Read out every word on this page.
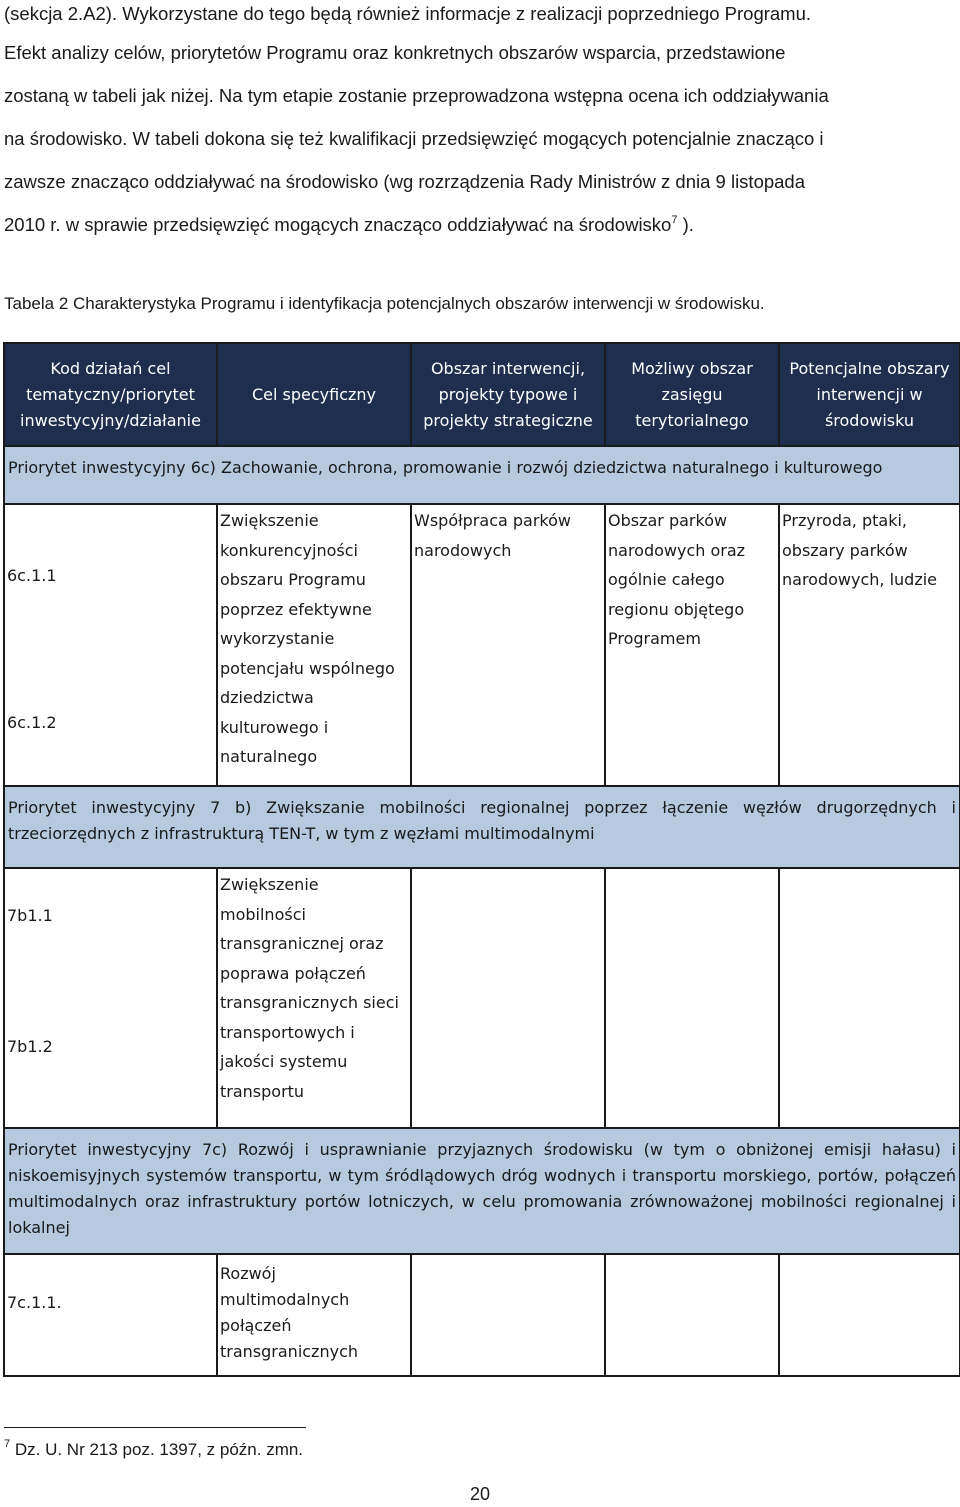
(sekcja 2.A2). Wykorzystane do tego będą również informacje z realizacji poprzedniego Programu.
Efekt analizy celów, priorytetów Programu oraz konkretnych obszarów wsparcia, przedstawione
zostaną w tabeli jak niżej. Na tym etapie zostanie przeprowadzona wstępna ocena ich oddziaływania
na środowisko. W tabeli dokona się też kwalifikacji przedsięwzięć mogących potencjalnie znacząco i
zawsze znacząco oddziaływać na środowisko (wg rozrządzenia Rady Ministrów z dnia 9 listopada
2010 r. w sprawie przedsięwzięć mogących znacząco oddziaływać na środowisko$^7$ ).
Tabela 2 Charakterystyka Programu i identyfikacja potencjalnych obszarów interwencji w środowisku.
Kod działań cel tematyczny/priorytet inwestycyjny/działanie	Cel specyficzny	Obszar interwencji, projekty typowe i projekty strategiczne	Możliwy obszar zasięgu terytorialnego	Potencjalne obszary interwencji w środowisku
Priorytet inwestycyjny 6c) Zachowanie, ochrona, promowanie i rozwój dziedzictwa naturalnego i kulturowego				

6c.1.1
6c.1.2	Zwiększenie konkurencyjności obszaru Programu poprzez efektywne wykorzystanie potencjału wspólnego dziedzictwa kulturowego i naturalnego	Współpraca parków narodowych	Obszar parków narodowych oraz ogólnie całego regionu objętego Programem	Przyroda, ptaki, obszary parków narodowych, ludzie
Priorytet inwestycyjny 7 b) Zwiększanie mobilności regionalnej poprzez łączenie węzłów drugorzędnych i trzeciorzędnych z infrastrukturą TEN-T, w tym z węzłami multimodalnymi				

7b1.1
7b1.2	Zwiększenie mobilności transgranicznej oraz poprawa połączeń transgranicznych sieci transportowych i jakości systemu transportu			
Priorytet inwestycyjny 7c) Rozwój i usprawnianie przyjaznych środowisku (w tym o obniżonej emisji hałasu) i niskoemisyjnych systemów transportu, w tym śródlądowych dróg wodnych i transportu morskiego, portów, połączeń multimodalnych oraz infrastruktury portów lotniczych, w celu promowania zrównoważonej mobilności regionalnej i lokalnej				

7c.1.1.	Rozwój multimodalnych połączeń transgranicznych			
$^7$ Dz. U. Nr 213 poz. 1397, z późn. zmn.
20
